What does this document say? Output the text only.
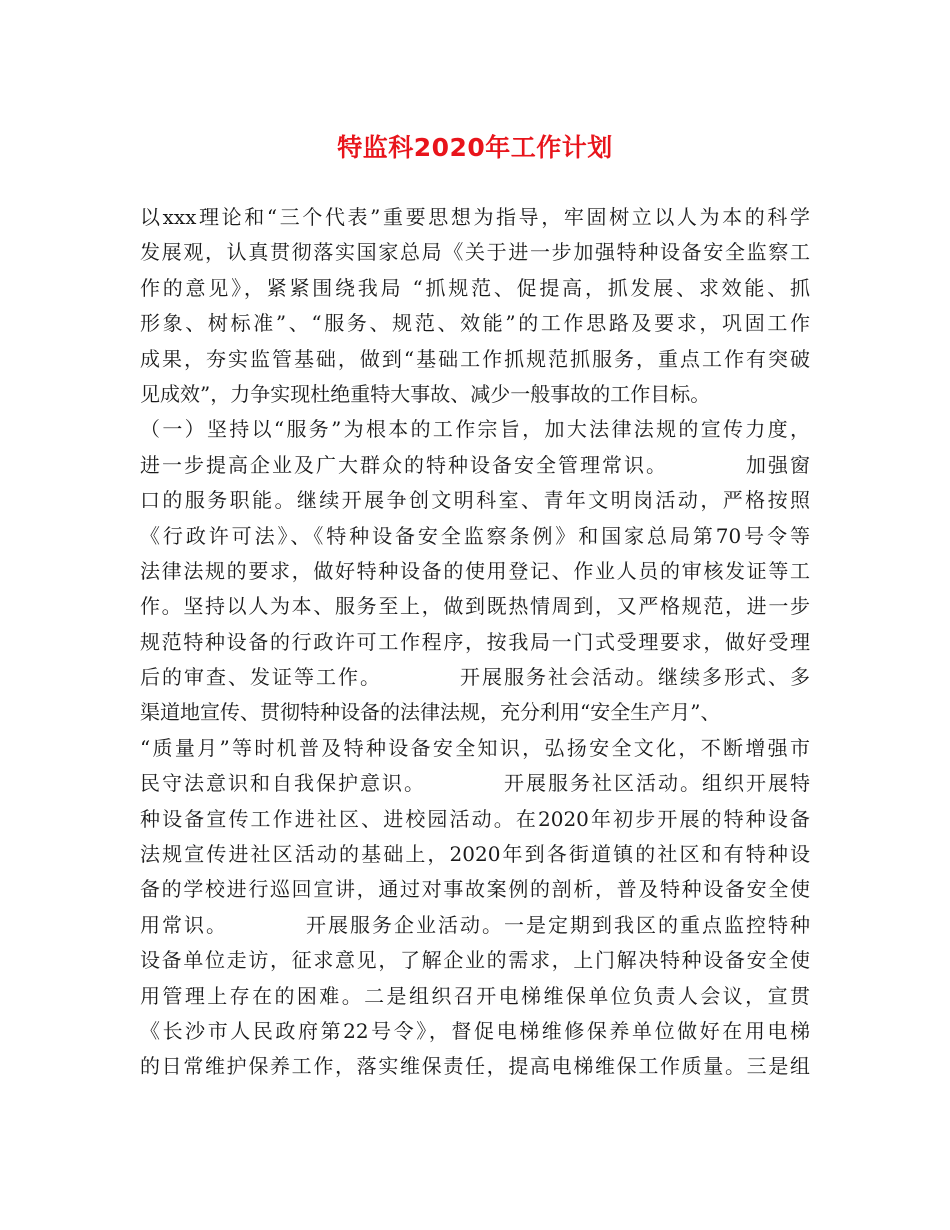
特监科2020年工作计划
以xxx理论和“三个代表”重要思想为指导，牢固树立以人为本的科学
发展观，认真贯彻落实国家总局《关于进一步加强特种设备安全监察工
作的意见》，紧紧围绕我局 “抓规范、促提高，抓发展、求效能、抓
形象、树标准”、“服务、规范、效能”的工作思路及要求，巩固工作
成果，夯实监管基础，做到“基础工作抓规范抓服务，重点工作有突破
见成效”，力争实现杜绝重特大事故、减少一般事故的工作目标。
（一）坚持以“服务”为根本的工作宗旨，加大法律法规的宣传力度，
进一步提高企业及广大群众的特种设备安全管理常识。　　　　加强窗
口的服务职能。继续开展争创文明科室、青年文明岗活动，严格按照
《行政许可法》、《特种设备安全监察条例》和国家总局第70号令等
法律法规的要求，做好特种设备的使用登记、作业人员的审核发证等工
作。坚持以人为本、服务至上，做到既热情周到，又严格规范，进一步
规范特种设备的行政许可工作程序，按我局一门式受理要求，做好受理
后的审查、发证等工作。　　　　开展服务社会活动。继续多形式、多
渠道地宣传、贯彻特种设备的法律法规，充分利用“安全生产月”、
“质量月”等时机普及特种设备安全知识，弘扬安全文化，不断增强市
民守法意识和自我保护意识。　　　　开展服务社区活动。组织开展特
种设备宣传工作进社区、进校园活动。在2020年初步开展的特种设备
法规宣传进社区活动的基础上，2020年到各街道镇的社区和有特种设
备的学校进行巡回宣讲，通过对事故案例的剖析，普及特种设备安全使
用常识。　　　　开展服务企业活动。一是定期到我区的重点监控特种
设备单位走访，征求意见，了解企业的需求，上门解决特种设备安全使
用管理上存在的困难。二是组织召开电梯维保单位负责人会议，宣贯
《长沙市人民政府第22号令》，督促电梯维修保养单位做好在用电梯
的日常维护保养工作，落实维保责任，提高电梯维保工作质量。三是组
